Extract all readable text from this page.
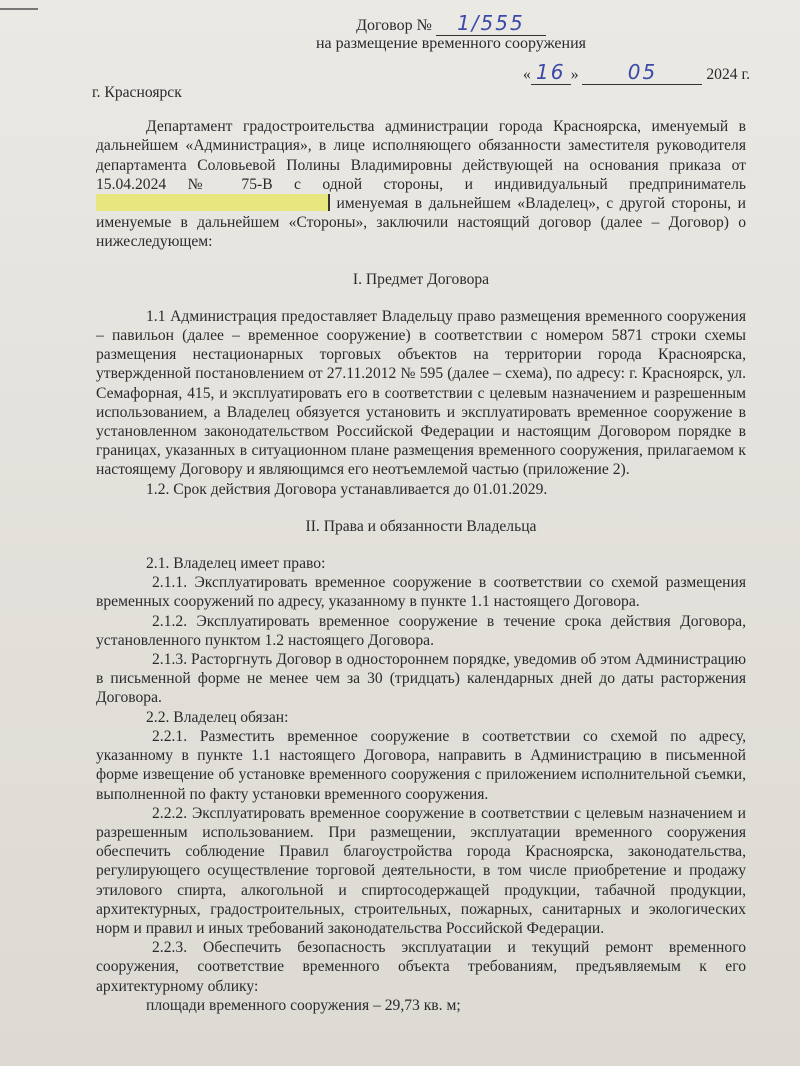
Договор № 1/555
на размещение временного сооружения
г. Красноярск
« 16 » 05	2024 г.

Департамент градостроительства администрации города Красноярска, именуемый в дальнейшем «Администрация», в лице исполняющего обязанности заместителя руководителя департамента Соловьевой Полины Владимировны действующей на основания приказа от 15.04.2024 № 75-В с одной стороны, и индивидуальный предприниматель  именуемая в дальнейшем «Владелец», с другой стороны, и именуемые в дальнейшем «Стороны», заключили настоящий договор (далее – Договор) о нижеследующем:

I. Предмет Договора

1.1 Администрация предоставляет Владельцу право размещения временного сооружения – павильон (далее – временное сооружение) в соответствии с номером 5871 строки схемы размещения нестационарных торговых объектов на территории города Красноярска, утвержденной постановлением от 27.11.2012 № 595 (далее – схема), по адресу: г. Красноярск, ул. Семафорная, 415, и эксплуатировать его в соответствии с целевым назначением и разрешенным использованием, а Владелец обязуется установить и эксплуатировать временное сооружение в установленном законодательством Российской Федерации и настоящим Договором порядке в границах, указанных в ситуационном плане размещения временного сооружения, прилагаемом к настоящему Договору и являющимся его неотъемлемой частью (приложение 2).

1.2. Срок действия Договора устанавливается до 01.01.2029.

II. Права и обязанности Владельца

2.1. Владелец имеет право:

2.1.1. Эксплуатировать временное сооружение в соответствии со схемой размещения временных сооружений по адресу, указанному в пункте 1.1 настоящего Договора.

2.1.2. Эксплуатировать временное сооружение в течение срока действия Договора, установленного пунктом 1.2 настоящего Договора.

2.1.3. Расторгнуть Договор в одностороннем порядке, уведомив об этом Администрацию в письменной форме не менее чем за 30 (тридцать) календарных дней до даты расторжения Договора.

2.2. Владелец обязан:

2.2.1. Разместить временное сооружение в соответствии со схемой по адресу, указанному в пункте 1.1 настоящего Договора, направить в Администрацию в письменной форме извещение об установке временного сооружения с приложением исполнительной съемки, выполненной по факту установки временного сооружения.

2.2.2. Эксплуатировать временное сооружение в соответствии с целевым назначением и разрешенным использованием. При размещении, эксплуатации временного сооружения обеспечить соблюдение Правил благоустройства города Красноярска, законодательства, регулирующего осуществление торговой деятельности, в том числе приобретение и продажу этилового спирта, алкогольной и спиртосодержащей продукции, табачной продукции, архитектурных, градостроительных, строительных, пожарных, санитарных и экологических норм и правил и иных требований законодательства Российской Федерации.

2.2.3. Обеспечить безопасность эксплуатации и текущий ремонт временного сооружения, соответствие временного объекта требованиям, предъявляемым к его архитектурному облику:

площади временного сооружения – 29,73 кв. м;
